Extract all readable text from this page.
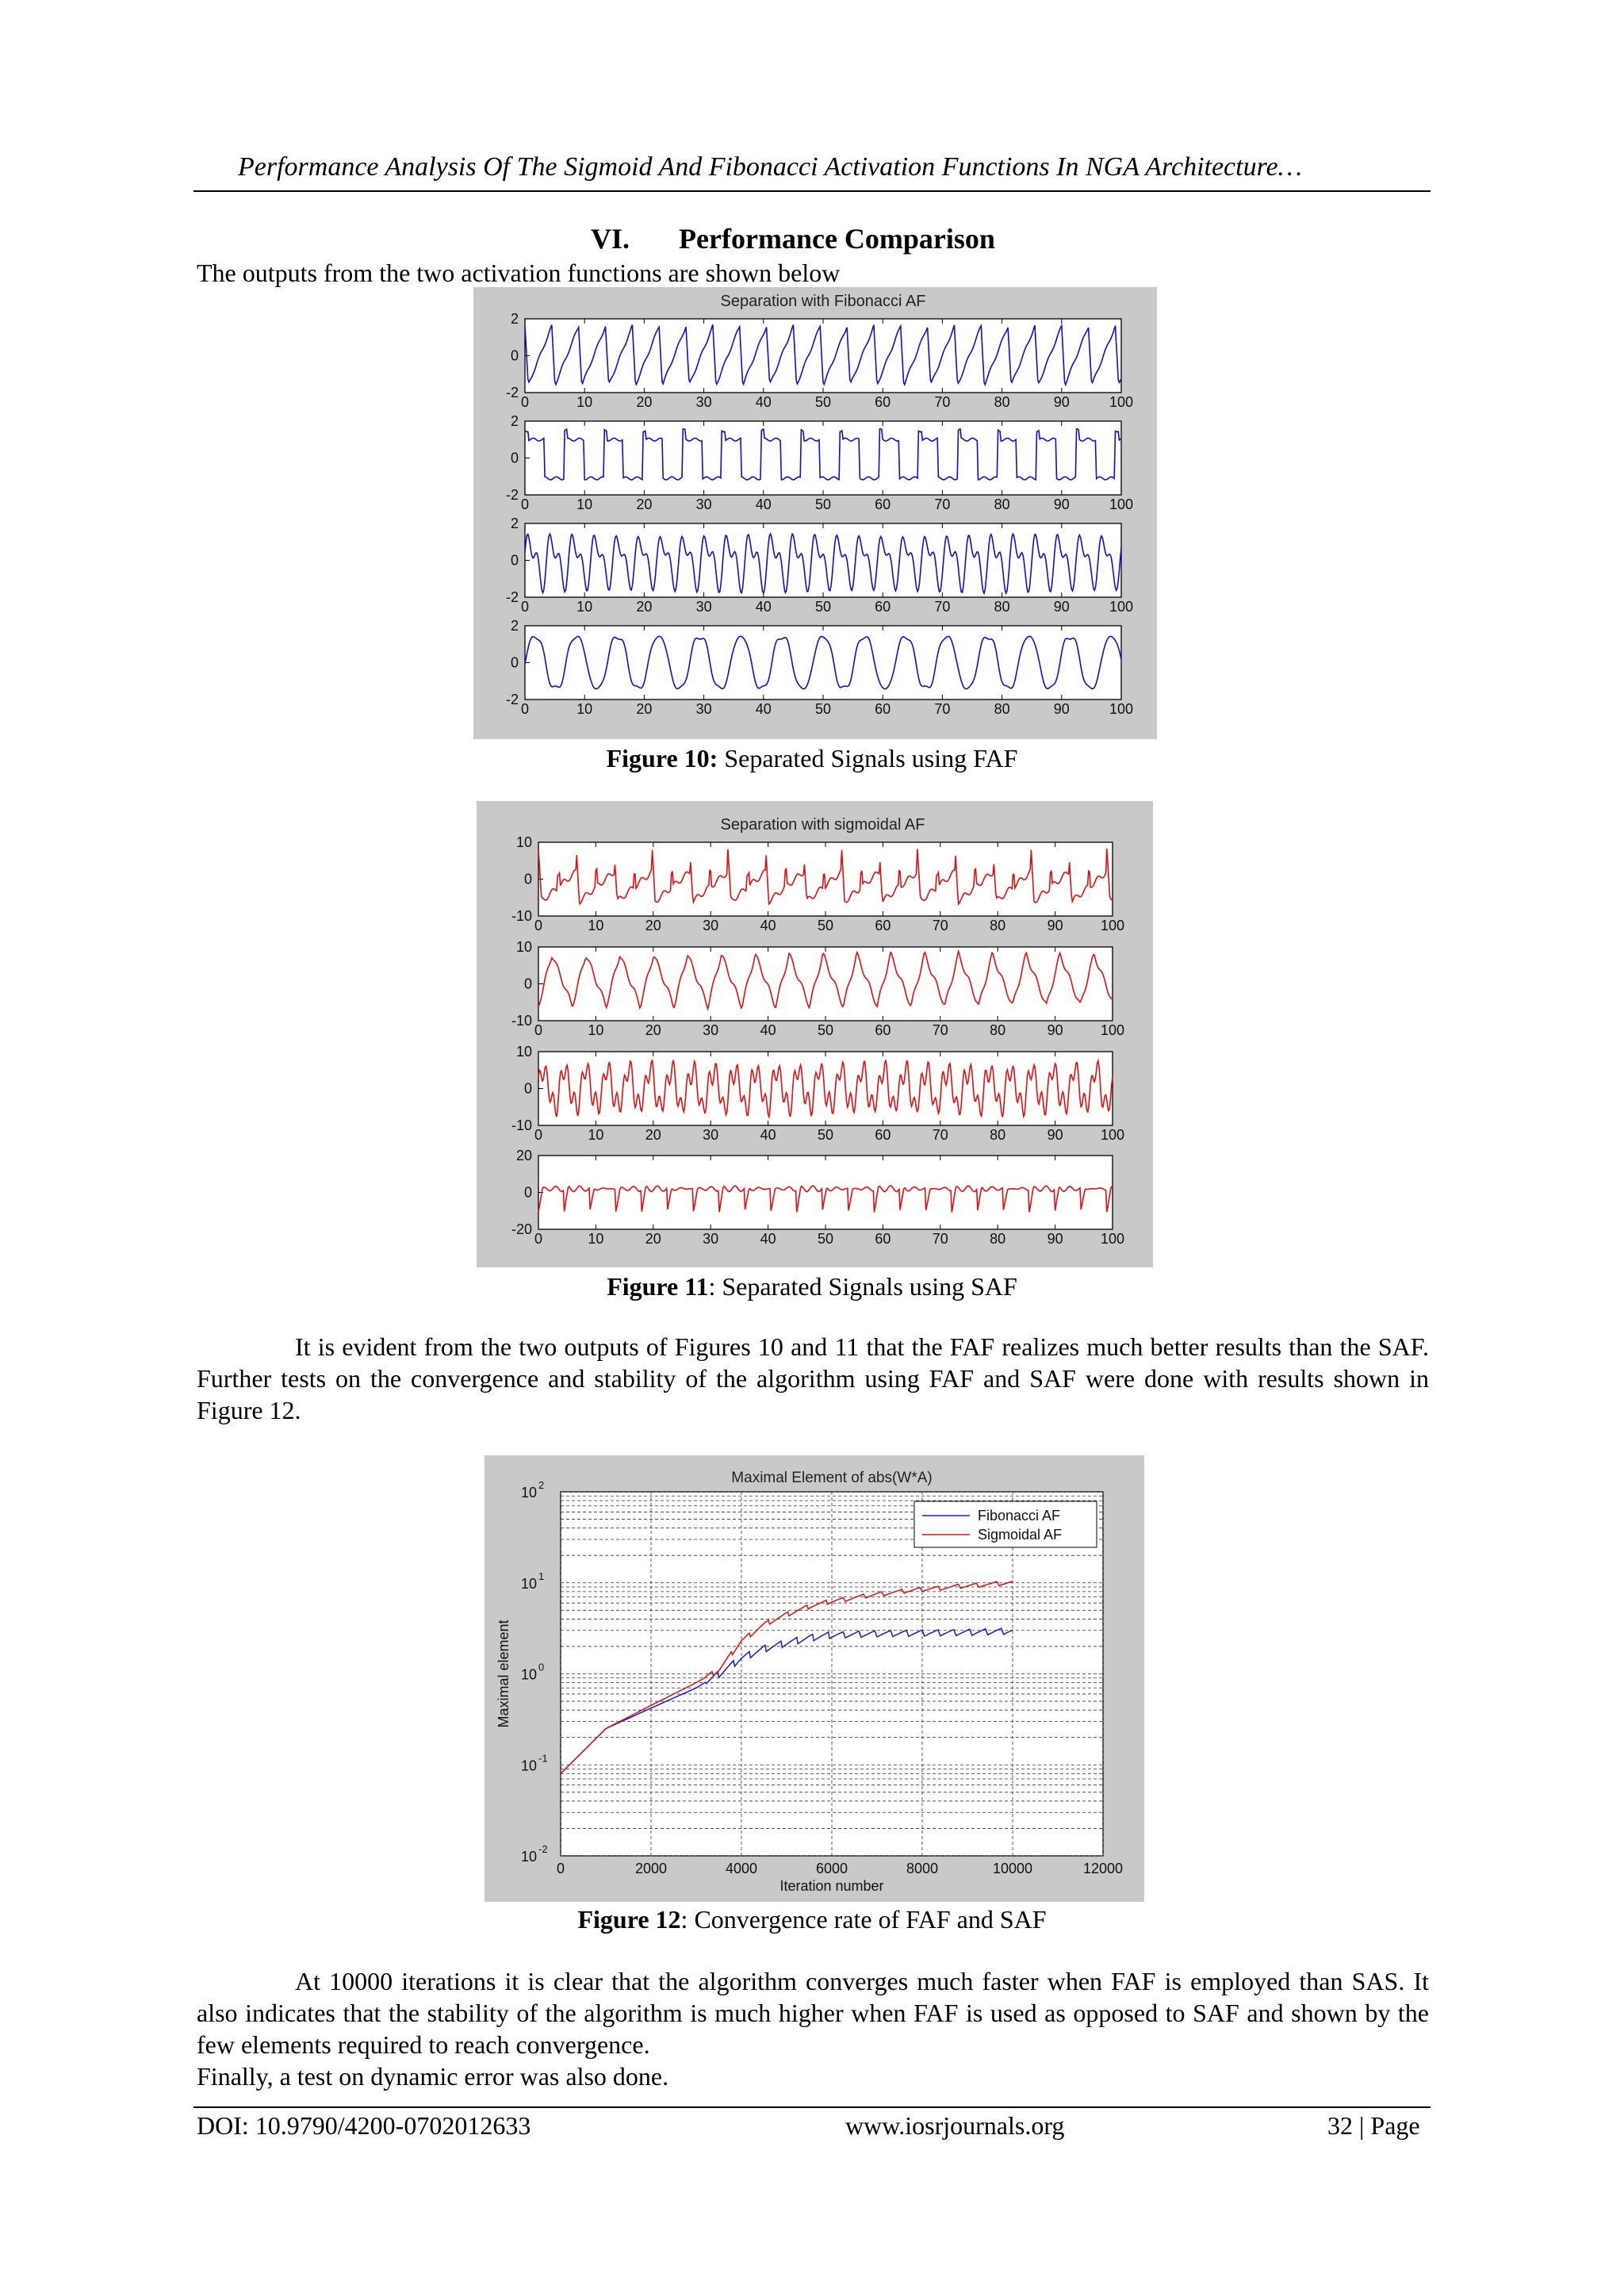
Performance Analysis Of The Sigmoid And Fibonacci Activation Functions In NGA Architecture…
VI. Performance Comparison
The outputs from the two activation functions are shown below
Separation with Fibonacci AF
0	10	20	30	40	50	60	70	80	90	100
2
0
-2
0	10	20	30	40	50	60	70	80	90	100
2
0
-2
0	10	20	30	40	50	60	70	80	90	100
2
0
-2
0	10	20	30	40	50	60	70	80	90	100
2
0
-2
Figure 10: Separated Signals using FAF
Separation with sigmoidal AF
0	10	20	30	40	50	60	70	80	90	100
10
0
-10
0	10	20	30	40	50	60	70	80	90	100
10
0
-10
0	10	20	30	40	50	60	70	80	90	100
10
0
-10
0	10	20	30	40	50	60	70	80	90	100
20
0
-20
Figure 11: Separated Signals using SAF
It is evident from the two outputs of Figures 10 and 11 that the FAF realizes much better results than the SAF. Further tests on the convergence and stability of the algorithm using FAF and SAF were done with results shown in Figure 12.
Maximal Element of abs(W*A)
0	2000	4000	6000	8000	10000	12000
10 2
10 1
10 0
10 -1
10 -2
Iteration number
Maximal element
Fibonacci AF
Sigmoidal AF
Figure 12: Convergence rate of FAF and SAF
At 10000 iterations it is clear that the algorithm converges much faster when FAF is employed than SAS. It also indicates that the stability of the algorithm is much higher when FAF is used as opposed to SAF and shown by the few elements required to reach convergence.
Finally, a test on dynamic error was also done.
DOI: 10.9790/4200-0702012633	www.iosrjournals.org	32 | Page
